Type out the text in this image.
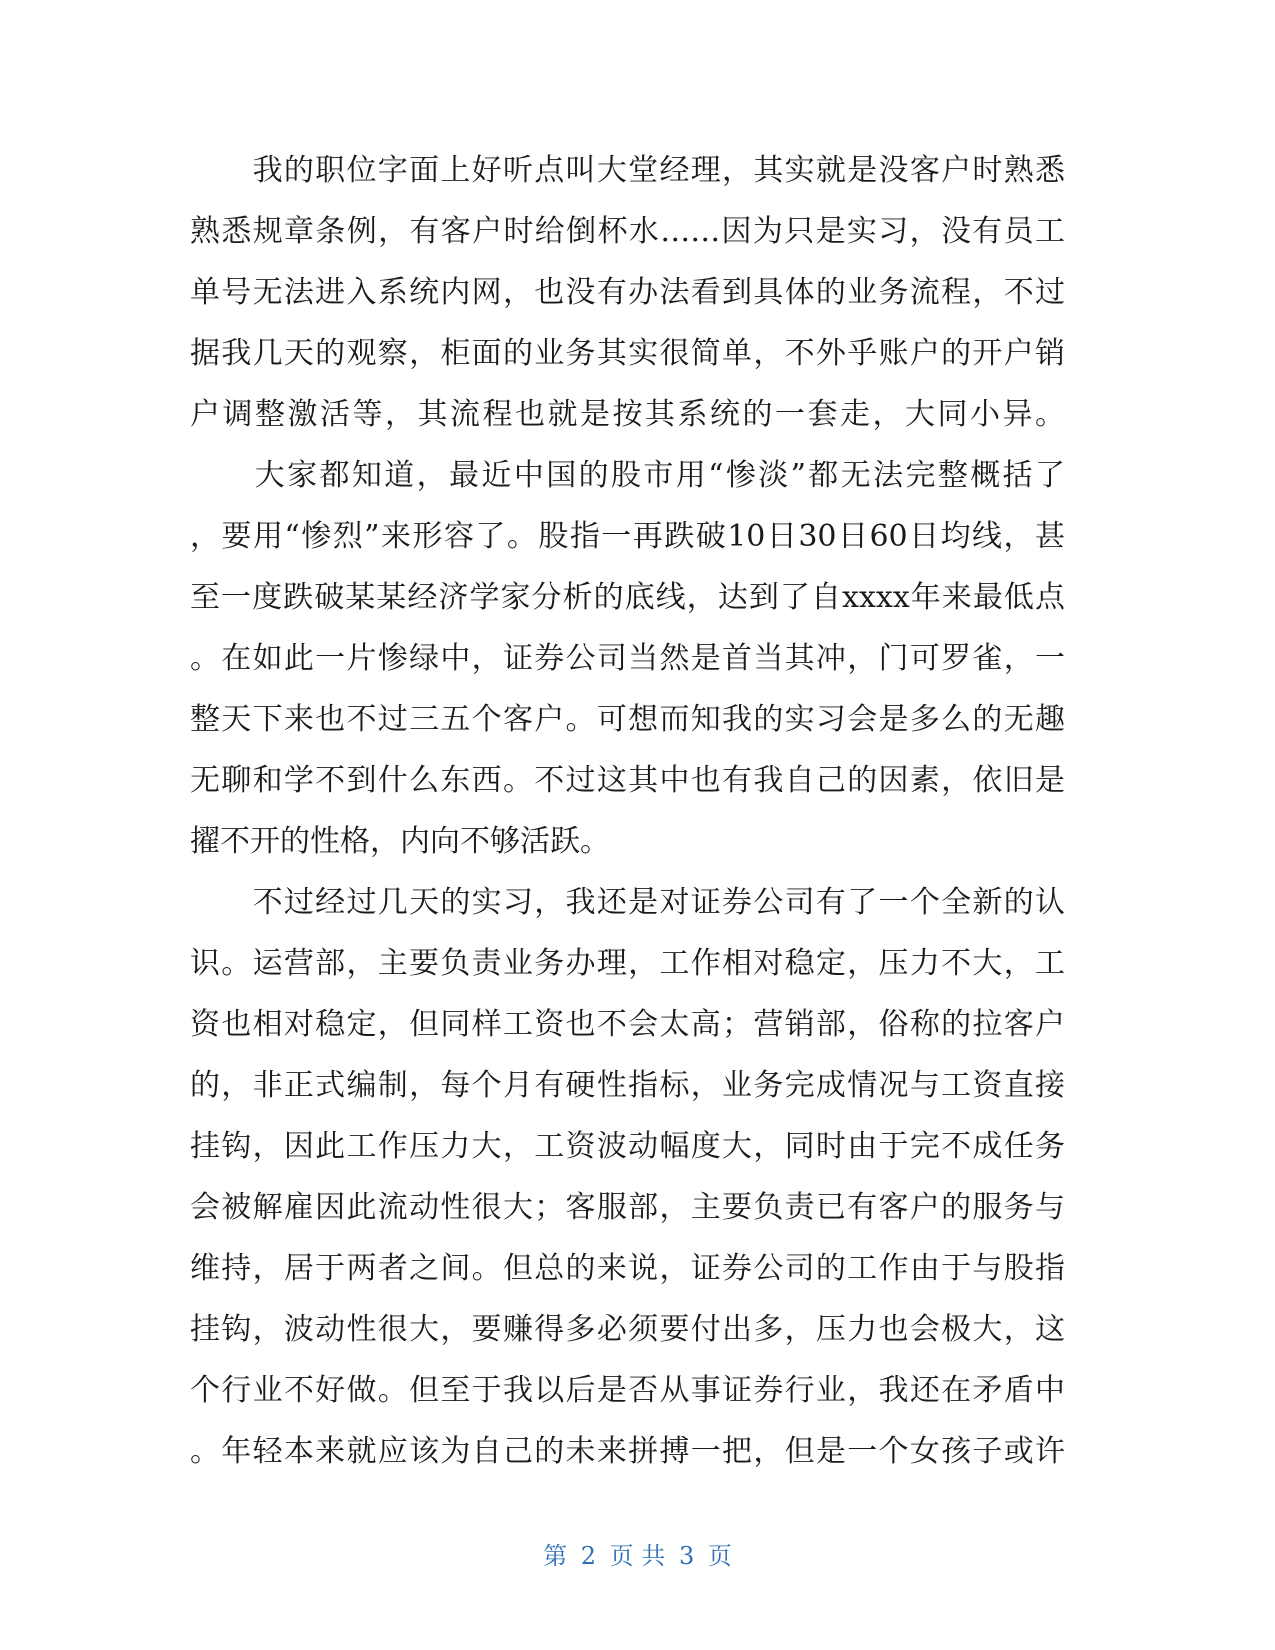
　　我的职位字面上好听点叫大堂经理，其实就是没客户时熟悉
熟悉规章条例，有客户时给倒杯水……因为只是实习，没有员工
单号无法进入系统内网，也没有办法看到具体的业务流程，不过
据我几天的观察，柜面的业务其实很简单，不外乎账户的开户销
户调整激活等，其流程也就是按其系统的一套走，大同小异。
　　大家都知道，最近中国的股市用“惨淡”都无法完整概括了
，要用“惨烈”来形容了。股指一再跌破10日30日60日均线，甚
至一度跌破某某经济学家分析的底线，达到了自xxxx年来最低点
。在如此一片惨绿中，证券公司当然是首当其冲，门可罗雀，一
整天下来也不过三五个客户。可想而知我的实习会是多么的无趣
无聊和学不到什么东西。不过这其中也有我自己的因素，依旧是
擢不开的性格，内向不够活跃。
　　不过经过几天的实习，我还是对证券公司有了一个全新的认
识。运营部，主要负责业务办理，工作相对稳定，压力不大，工
资也相对稳定，但同样工资也不会太高；营销部，俗称的拉客户
的，非正式编制，每个月有硬性指标，业务完成情况与工资直接
挂钩，因此工作压力大，工资波动幅度大，同时由于完不成任务
会被解雇因此流动性很大；客服部，主要负责已有客户的服务与
维持，居于两者之间。但总的来说，证券公司的工作由于与股指
挂钩，波动性很大，要赚得多必须要付出多，压力也会极大，这
个行业不好做。但至于我以后是否从事证券行业，我还在矛盾中
。年轻本来就应该为自己的未来拼搏一把，但是一个女孩子或许
第 2 页 共 3 页
